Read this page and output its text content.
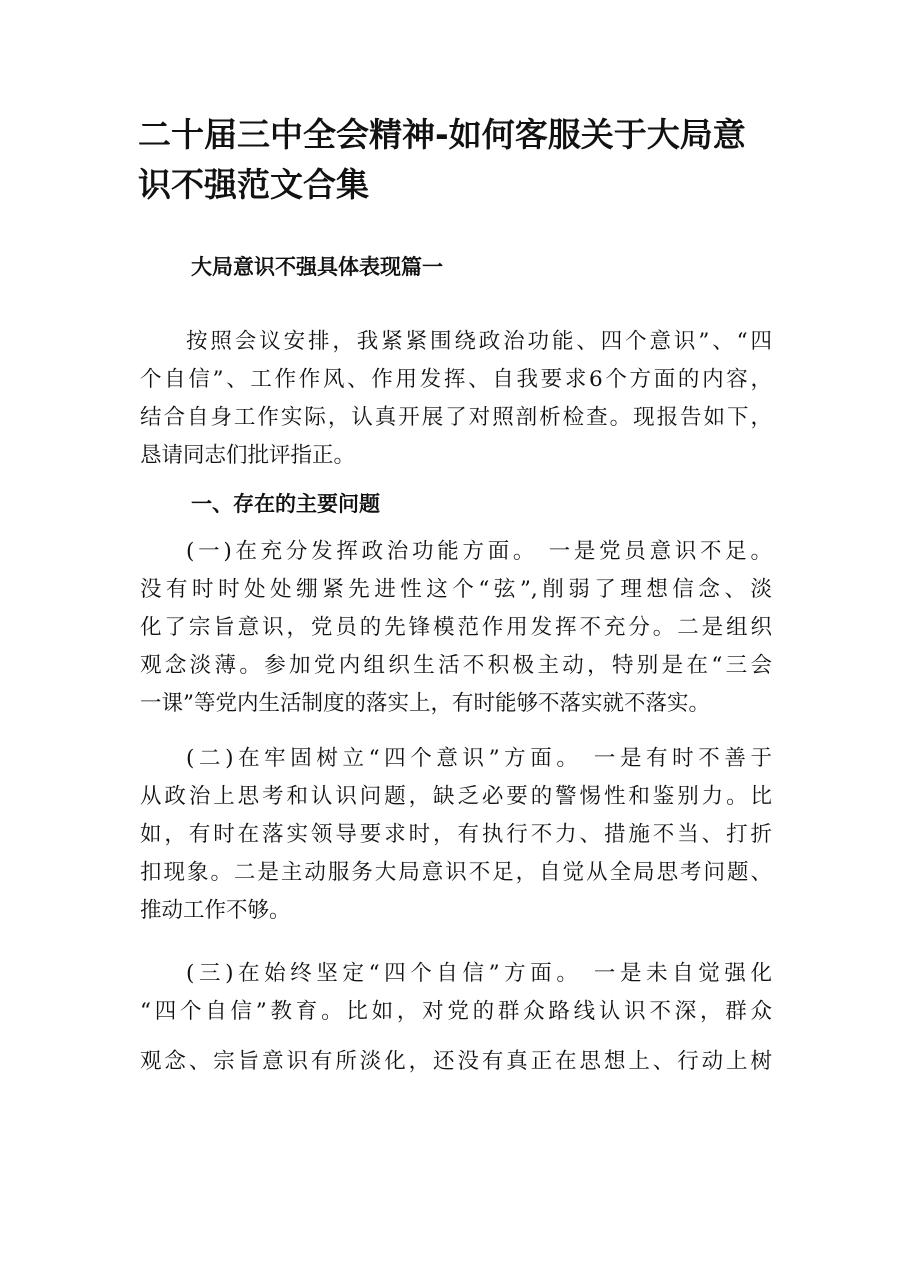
二十届三中全会精神-如何客服关于大局意
识不强范文合集
大局意识不强具体表现篇一

按照会议安排，我紧紧围绕政治功能、四个意识”、“四
个自信”、工作作风、作用发挥、自我要求6个方面的内容，
结合自身工作实际，认真开展了对照剖析检查。现报告如下，
恳请同志们批评指正。

一、存在的主要问题

(一)在充分发挥政治功能方面。 一是党员意识不足。
没有时时处处绷紧先进性这个“弦”,削弱了理想信念、淡
化了宗旨意识，党员的先锋模范作用发挥不充分。二是组织
观念淡薄。参加党内组织生活不积极主动，特别是在“三会
一课”等党内生活制度的落实上，有时能够不落实就不落实。

(二)在牢固树立“四个意识”方面。 一是有时不善于
从政治上思考和认识问题，缺乏必要的警惕性和鉴别力。比
如，有时在落实领导要求时，有执行不力、措施不当、打折
扣现象。二是主动服务大局意识不足，自觉从全局思考问题、
推动工作不够。

(三)在始终坚定“四个自信”方面。 一是未自觉强化
“四个自信”教育。比如，对党的群众路线认识不深，群众
观念、宗旨意识有所淡化，还没有真正在思想上、行动上树
